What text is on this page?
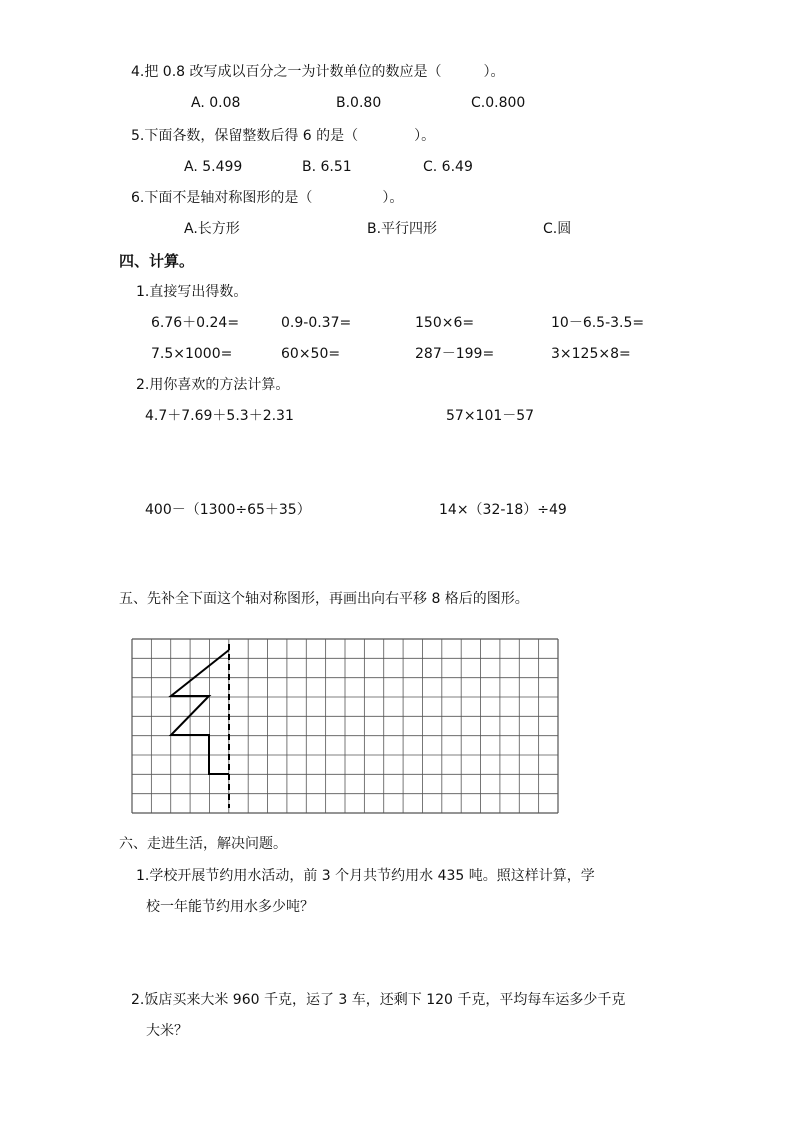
4.把 0.8 改写成以百分之一为计数单位的数应是（　　　）。
A. 0.08	B.0.80	C.0.800
5.下面各数，保留整数后得 6 的是（　　　　）。
A. 5.499	B. 6.51	C. 6.49
6.下面不是轴对称图形的是（　　　　　）。
A.长方形	B.平行四形	C.圆
四、计算。
1.直接写出得数。
6.76＋0.24=	0.9-0.37=	150×6=	10－6.5-3.5=
7.5×1000=	60×50=	287－199=	3×125×8=
2.用你喜欢的方法计算。
4.7＋7.69＋5.3＋2.31	57×101－57
400－（1300÷65＋35）	14×（32-18）÷49
五、先补全下面这个轴对称图形，再画出向右平移 8 格后的图形。
六、走进生活，解决问题。
1.学校开展节约用水活动，前 3 个月共节约用水 435 吨。照这样计算，学
校一年能节约用水多少吨？
2.饭店买来大米 960 千克，运了 3 车，还剩下 120 千克，平均每车运多少千克
大米？
